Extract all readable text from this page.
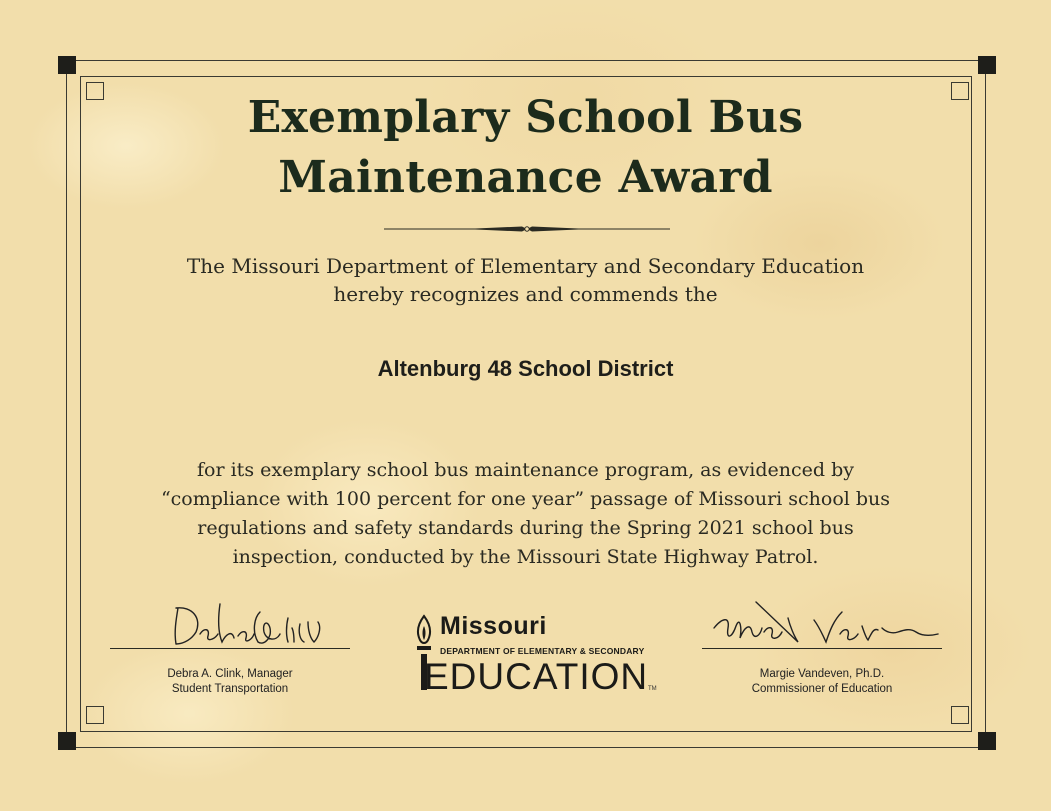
Exemplary School Bus
Maintenance Award
The Missouri Department of Elementary and Secondary Education
hereby recognizes and commends the
Altenburg 48 School District
for its exemplary school bus maintenance program, as evidenced by
“compliance with 100 percent for one year” passage of Missouri school bus
regulations and safety standards during the Spring 2021 school bus
inspection, conducted by the Missouri State Highway Patrol.
Debra A. Clink, Manager
Student Transportation
Margie Vandeven, Ph.D.
Commissioner of Education
Missouri
DEPARTMENT OF ELEMENTARY & SECONDARY
EDUCATION TM
